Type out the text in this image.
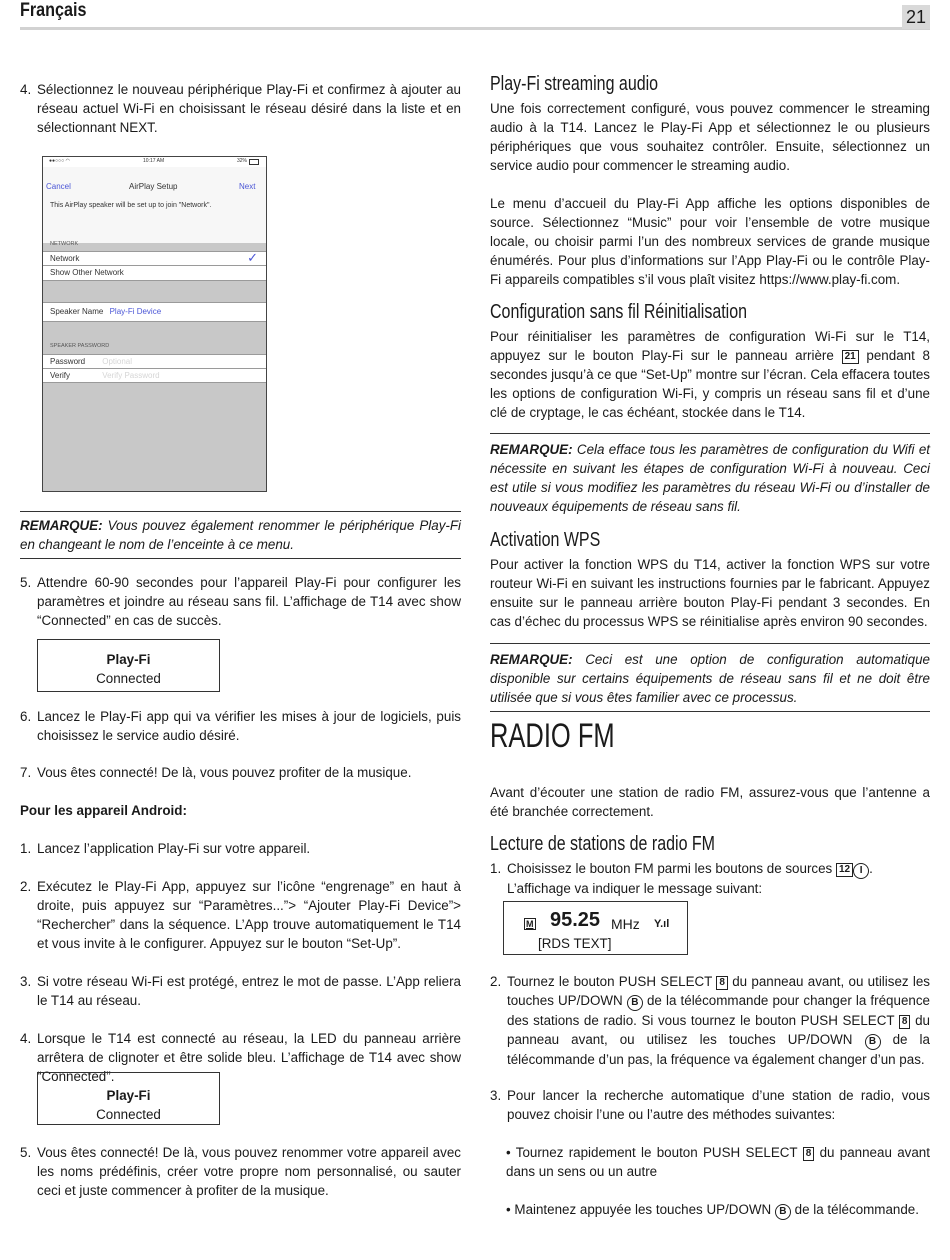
Français	21
4. Sélectionnez le nouveau périphérique Play-Fi et confirmez à ajouter au réseau actuel Wi-Fi en choisissant le réseau désiré dans la liste et en sélectionnant NEXT.
●●○○○ ◠	10:17 AM	32%
Cancel	AirPlay Setup	Next
This AirPlay speaker will be set up to join "Network".
NETWORK
Network	✓
Show Other Network
Speaker Name Play-Fi Device
SPEAKER PASSWORD
Password Optional
Verify	Verify Password
REMARQUE: Vous pouvez également renommer le périphérique Play-Fi en changeant le nom de l’enceinte à ce menu.
5. Attendre 60-90 secondes pour l’appareil Play-Fi pour configurer les paramètres et joindre au réseau sans fil. L’affichage de T14 avec show “Connected” en cas de succès.
Play-Fi
Connected
6. Lancez le Play-Fi app qui va vérifier les mises à jour de logiciels, puis choisissez le service audio désiré.
7. Vous êtes connecté! De là, vous pouvez profiter de la musique.
Pour les appareil Android:
1. Lancez l’application Play-Fi sur votre appareil.
2. Exécutez le Play-Fi App, appuyez sur l’icône “engrenage” en haut à droite, puis appuyez sur “Paramètres...”> “Ajouter Play-Fi Device”> “Rechercher” dans la séquence. L’App trouve automatiquement le T14 et vous invite à le configurer. Appuyez sur le bouton “Set-Up”.
3. Si votre réseau Wi-Fi est protégé, entrez le mot de passe. L’App reliera le T14 au réseau.
4. Lorsque le T14 est connecté au réseau, la LED du panneau arrière arrêtera de clignoter et être solide bleu. L’affichage de T14 avec show “Connected”.
Play-Fi
Connected
5. Vous êtes connecté! De là, vous pouvez renommer votre appareil avec les noms prédéfinis, créer votre propre nom personnalisé, ou sauter ceci et juste commencer à profiter de la musique.
Play-Fi streaming audio
Une fois correctement configuré, vous pouvez commencer le streaming audio à la T14. Lancez le Play-Fi App et sélectionnez le ou plusieurs périphériques que vous souhaitez contrôler. Ensuite, sélectionnez un service audio pour commencer le streaming audio.
Le menu d’accueil du Play-Fi App affiche les options disponibles de source. Sélectionnez “Music” pour voir l’ensemble de votre musique locale, ou choisir parmi l’un des nombreux services de grande musique énumérés. Pour plus d’informations sur l’App Play-Fi ou le contrôle Play-Fi appareils compatibles s’il vous plaît visitez https://www.play-fi.com.
Configuration sans fil Réinitialisation
Pour réinitialiser les paramètres de configuration Wi-Fi sur le T14, appuyez sur le bouton Play-Fi sur le panneau arrière 21 pendant 8 secondes jusqu’à ce que “Set-Up” montre sur l’écran. Cela effacera toutes les options de configuration Wi-Fi, y compris un réseau sans fil et d’une clé de cryptage, le cas échéant, stockée dans le T14.
REMARQUE: Cela efface tous les paramètres de configuration du Wifi et nécessite en suivant les étapes de configuration Wi-Fi à nouveau. Ceci est utile si vous modifiez les paramètres du réseau Wi-Fi ou d’installer de nouveaux équipements de réseau sans fil.
Activation WPS
Pour activer la fonction WPS du T14, activer la fonction WPS sur votre routeur Wi-Fi en suivant les instructions fournies par le fabricant. Appuyez ensuite sur le panneau arrière bouton Play-Fi pendant 3 secondes. En cas d’échec du processus WPS se réinitialise après environ 90 secondes.
REMARQUE: Ceci est une option de configuration automatique disponible sur certains équipements de réseau sans fil et ne doit être utilisée que si vous êtes familier avec ce processus.
RADIO FM
Avant d’écouter une station de radio FM, assurez-vous que l’antenne a été branchée correctement.
Lecture de stations de radio FM
1. Choisissez le bouton FM parmi les boutons de sources 12 I . L’affichage va indiquer le message suivant:
M 95.25 MHz Y.ıl
[RDS TEXT]
2. Tournez le bouton PUSH SELECT 8 du panneau avant, ou utilisez les touches UP/DOWN B de la télécommande pour changer la fréquence des stations de radio. Si vous tournez le bouton PUSH SELECT 8 du panneau avant, ou utilisez les touches UP/DOWN B de la télécommande d’un pas, la fréquence va également changer d’un pas.
3. Pour lancer la recherche automatique d’une station de radio, vous pouvez choisir l’une ou l’autre des méthodes suivantes:
• Tournez rapidement le bouton PUSH SELECT 8 du panneau avant dans un sens ou un autre
• Maintenez appuyée les touches UP/DOWN B de la télécommande.
